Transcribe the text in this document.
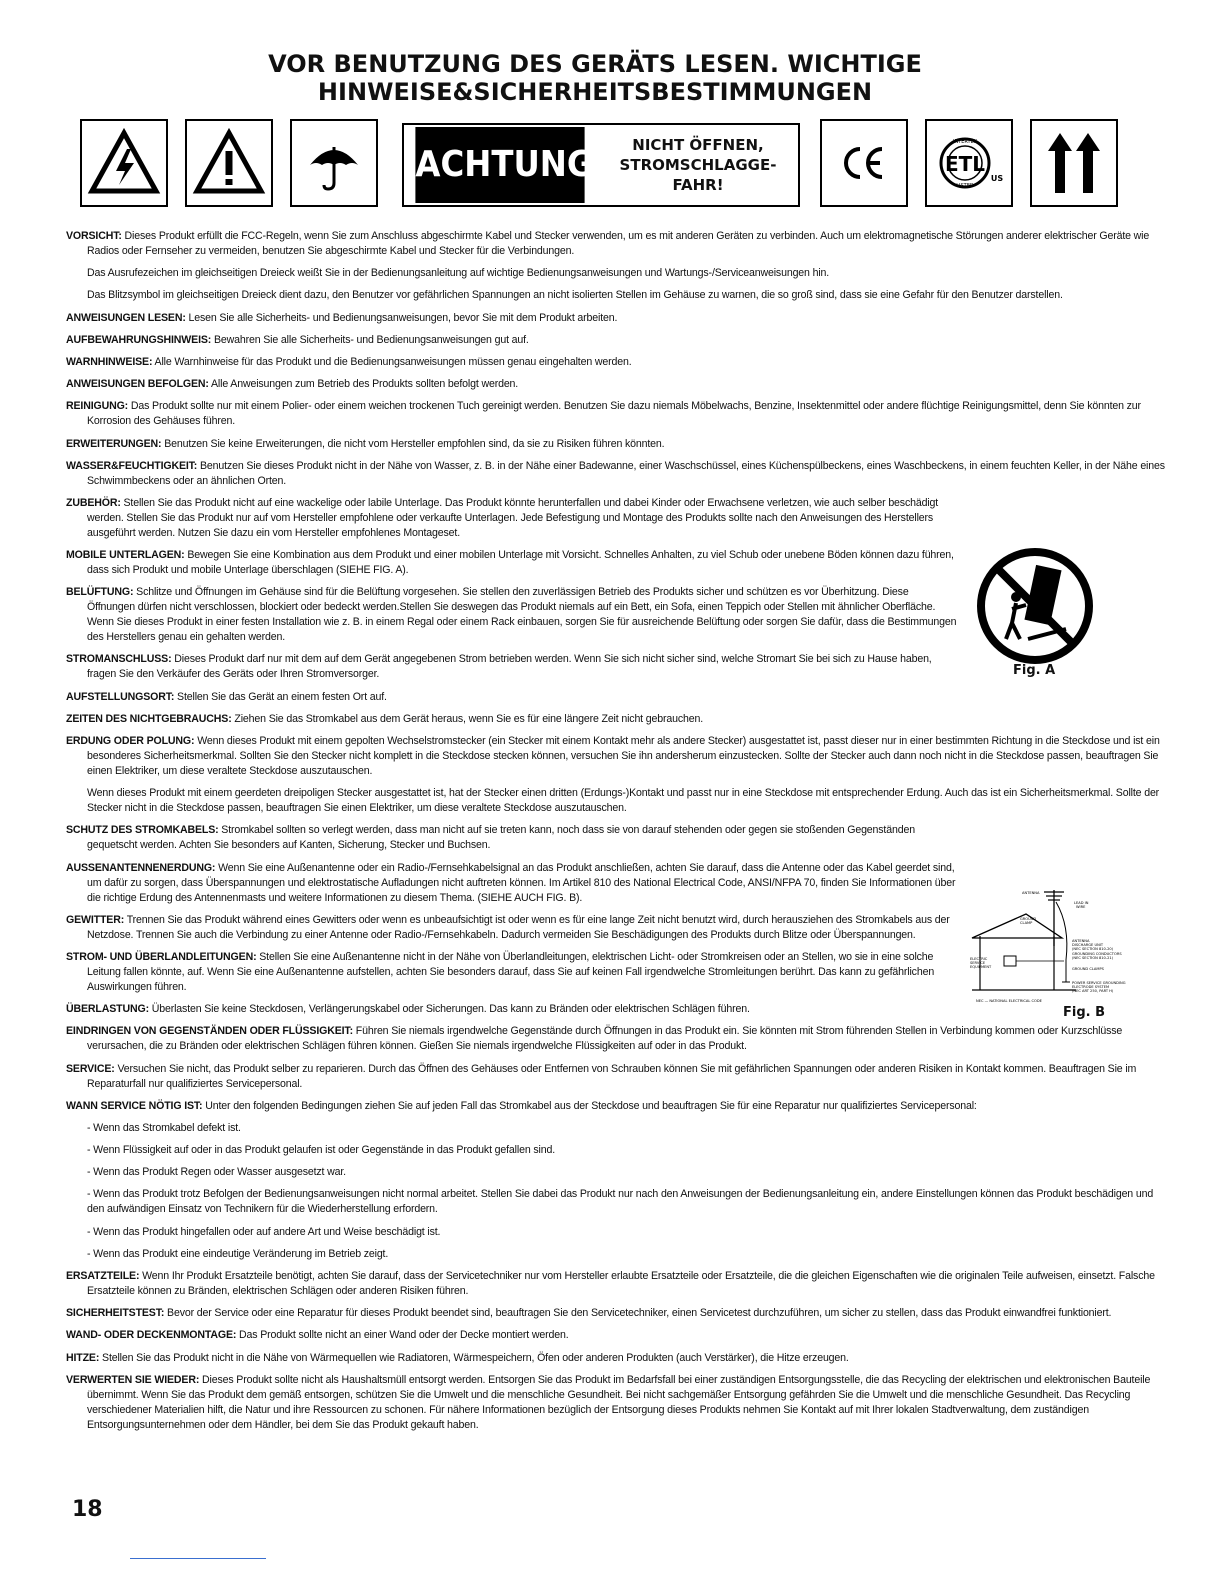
VOR BENUTZUNG DES GERÄTS LESEN. WICHTIGE
HINWEISE&SICHERHEITSBESTIMMUNGEN
ACHTUNG	NICHT ÖFFNEN,
STROMSCHLAGGE-
FAHR!
ETL
INTERTEK
LISTED
US
VORSICHT: Dieses Produkt erfüllt die FCC-Regeln, wenn Sie zum Anschluss abgeschirmte Kabel und Stecker verwenden, um es mit anderen Geräten zu verbinden. Auch um elektromagnetische Störungen anderer elektrischer Geräte wie Radios oder Fernseher zu vermeiden, benutzen Sie abgeschirmte Kabel und Stecker für die Verbindungen.
Das Ausrufezeichen im gleichseitigen Dreieck weißt Sie in der Bedienungsanleitung auf wichtige Bedienungsanweisungen und Wartungs-/Serviceanweisungen hin.
Das Blitzsymbol im gleichseitigen Dreieck dient dazu, den Benutzer vor gefährlichen Spannungen an nicht isolierten Stellen im Gehäuse zu warnen, die so groß sind, dass sie eine Gefahr für den Benutzer darstellen.
ANWEISUNGEN LESEN: Lesen Sie alle Sicherheits- und Bedienungsanweisungen, bevor Sie mit dem Produkt arbeiten.
AUFBEWAHRUNGSHINWEIS: Bewahren Sie alle Sicherheits- und Bedienungsanweisungen gut auf.
WARNHINWEISE: Alle Warnhinweise für das Produkt und die Bedienungsanweisungen müssen genau eingehalten werden.
ANWEISUNGEN BEFOLGEN: Alle Anweisungen zum Betrieb des Produkts sollten befolgt werden.
REINIGUNG: Das Produkt sollte nur mit einem Polier- oder einem weichen trockenen Tuch gereinigt werden. Benutzen Sie dazu niemals Möbelwachs, Benzine, Insektenmittel oder andere flüchtige Reinigungsmittel, denn Sie könnten zur Korrosion des Gehäuses führen.
ERWEITERUNGEN: Benutzen Sie keine Erweiterungen, die nicht vom Hersteller empfohlen sind, da sie zu Risiken führen könnten.
WASSER&FEUCHTIGKEIT: Benutzen Sie dieses Produkt nicht in der Nähe von Wasser, z. B. in der Nähe einer Badewanne, einer Waschschüssel, eines Küchenspülbeckens, eines Waschbeckens, in einem feuchten Keller, in der Nähe eines Schwimmbeckens oder an ähnlichen Orten.
ZUBEHÖR: Stellen Sie das Produkt nicht auf eine wackelige oder labile Unterlage. Das Produkt könnte herunterfallen und dabei Kinder oder Erwachsene verletzen, wie auch selber beschädigt werden. Stellen Sie das Produkt nur auf vom Hersteller empfohlene oder verkaufte Unterlagen. Jede Befestigung und Montage des Produkts sollte nach den Anweisungen des Herstellers ausgeführt werden. Nutzen Sie dazu ein vom Hersteller empfohlenes Montageset.
MOBILE UNTERLAGEN: Bewegen Sie eine Kombination aus dem Produkt und einer mobilen Unterlage mit Vorsicht. Schnelles Anhalten, zu viel Schub oder unebene Böden können dazu führen, dass sich Produkt und mobile Unterlage überschlagen (SIEHE FIG. A).
BELÜFTUNG: Schlitze und Öffnungen im Gehäuse sind für die Belüftung vorgesehen. Sie stellen den zuverlässigen Betrieb des Produkts sicher und schützen es vor Überhitzung. Diese Öffnungen dürfen nicht verschlossen, blockiert oder bedeckt werden.Stellen Sie deswegen das Produkt niemals auf ein Bett, ein Sofa, einen Teppich oder Stellen mit ähnlicher Oberfläche. Wenn Sie dieses Produkt in einer festen Installation wie z. B. in einem Regal oder einem Rack einbauen, sorgen Sie für ausreichende Belüftung oder sorgen Sie dafür, dass die Bestimmungen des Herstellers genau ein gehalten werden.
STROMANSCHLUSS: Dieses Produkt darf nur mit dem auf dem Gerät angegebenen Strom betrieben werden. Wenn Sie sich nicht sicher sind, welche Stromart Sie bei sich zu Hause haben, fragen Sie den Verkäufer des Geräts oder Ihren Stromversorger.
AUFSTELLUNGSORT: Stellen Sie das Gerät an einem festen Ort auf.
ZEITEN DES NICHTGEBRAUCHS: Ziehen Sie das Stromkabel aus dem Gerät heraus, wenn Sie es für eine längere Zeit nicht gebrauchen.
ERDUNG ODER POLUNG: Wenn dieses Produkt mit einem gepolten Wechselstromstecker (ein Stecker mit einem Kontakt mehr als andere Stecker) ausgestattet ist, passt dieser nur in einer bestimmten Richtung in die Steckdose und ist ein besonderes Sicherheitsmerkmal. Sollten Sie den Stecker nicht komplett in die Steckdose stecken können, versuchen Sie ihn andersherum einzustecken. Sollte der Stecker auch dann noch nicht in die Steckdose passen, beauftragen Sie einen Elektriker, um diese veraltete Steckdose auszutauschen.
Wenn dieses Produkt mit einem geerdeten dreipoligen Stecker ausgestattet ist, hat der Stecker einen dritten (Erdungs-)Kontakt und passt nur in eine Steckdose mit entsprechender Erdung. Auch das ist ein Sicherheitsmerkmal. Sollte der Stecker nicht in die Steckdose passen, beauftragen Sie einen Elektriker, um diese veraltete Steckdose auszutauschen.
SCHUTZ DES STROMKABELS: Stromkabel sollten so verlegt werden, dass man nicht auf sie treten kann, noch dass sie von darauf stehenden oder gegen sie stoßenden Gegenständen gequetscht werden. Achten Sie besonders auf Kanten, Sicherung, Stecker und Buchsen.
AUSSENANTENNENERDUNG: Wenn Sie eine Außenantenne oder ein Radio-/Fernsehkabelsignal an das Produkt anschließen, achten Sie darauf, dass die Antenne oder das Kabel geerdet sind, um dafür zu sorgen, dass Überspannungen und elektrostatische Aufladungen nicht auftreten können. Im Artikel 810 des National Electrical Code, ANSI/NFPA 70, finden Sie Informationen über die richtige Erdung des Antennenmasts und weitere Informationen zu diesem Thema. (SIEHE AUCH FIG. B).
GEWITTER: Trennen Sie das Produkt während eines Gewitters oder wenn es unbeaufsichtigt ist oder wenn es für eine lange Zeit nicht benutzt wird, durch herausziehen des Stromkabels aus der Netzdose. Trennen Sie auch die Verbindung zu einer Antenne oder Radio-/Fernsehkabeln. Dadurch vermeiden Sie Beschädigungen des Produkts durch Blitze oder Überspannungen.
STROM- UND ÜBERLANDLEITUNGEN: Stellen Sie eine Außenantenne nicht in der Nähe von Überlandleitungen, elektrischen Licht- oder Stromkreisen oder an Stellen, wo sie in eine solche Leitung fallen könnte, auf. Wenn Sie eine Außenantenne aufstellen, achten Sie besonders darauf, dass Sie auf keinen Fall irgendwelche Stromleitungen berührt. Das kann zu gefährlichen Auswirkungen führen.
ÜBERLASTUNG: Überlasten Sie keine Steckdosen, Verlängerungskabel oder Sicherungen. Das kann zu Bränden oder elektrischen Schlägen führen.
EINDRINGEN VON GEGENSTÄNDEN ODER FLÜSSIGKEIT: Führen Sie niemals irgendwelche Gegenstände durch Öffnungen in das Produkt ein. Sie könnten mit Strom führenden Stellen in Verbindung kommen oder Kurzschlüsse verursachen, die zu Bränden oder elektrischen Schlägen führen können. Gießen Sie niemals irgendwelche Flüssigkeiten auf oder in das Produkt.
SERVICE: Versuchen Sie nicht, das Produkt selber zu reparieren. Durch das Öffnen des Gehäuses oder Entfernen von Schrauben können Sie mit gefährlichen Spannungen oder anderen Risiken in Kontakt kommen. Beauftragen Sie im Reparaturfall nur qualifiziertes Servicepersonal.
WANN SERVICE NÖTIG IST: Unter den folgenden Bedingungen ziehen Sie auf jeden Fall das Stromkabel aus der Steckdose und beauftragen Sie für eine Reparatur nur qualifiziertes Servicepersonal:
- Wenn das Stromkabel defekt ist.
- Wenn Flüssigkeit auf oder in das Produkt gelaufen ist oder Gegenstände in das Produkt gefallen sind.
- Wenn das Produkt Regen oder Wasser ausgesetzt war.
- Wenn das Produkt trotz Befolgen der Bedienungsanweisungen nicht normal arbeitet. Stellen Sie dabei das Produkt nur nach den Anweisungen der Bedienungsanleitung ein, andere Einstellungen können das Produkt beschädigen und den aufwändigen Einsatz von Technikern für die Wiederherstellung erfordern.
- Wenn das Produkt hingefallen oder auf andere Art und Weise beschädigt ist.
- Wenn das Produkt eine eindeutige Veränderung im Betrieb zeigt.
ERSATZTEILE: Wenn Ihr Produkt Ersatzteile benötigt, achten Sie darauf, dass der Servicetechniker nur vom Hersteller erlaubte Ersatzteile oder Ersatzteile, die die gleichen Eigenschaften wie die originalen Teile aufweisen, einsetzt. Falsche Ersatzteile können zu Bränden, elektrischen Schlägen oder anderen Risiken führen.
SICHERHEITSTEST: Bevor der Service oder eine Reparatur für dieses Produkt beendet sind, beauftragen Sie den Servicetechniker, einen Servicetest durchzuführen, um sicher zu stellen, dass das Produkt einwandfrei funktioniert.
WAND- ODER DECKENMONTAGE: Das Produkt sollte nicht an einer Wand oder der Decke montiert werden.
HITZE: Stellen Sie das Produkt nicht in die Nähe von Wärmequellen wie Radiatoren, Wärmespeichern, Öfen oder anderen Produkten (auch Verstärker), die Hitze erzeugen.
VERWERTEN SIE WIEDER: Dieses Produkt sollte nicht als Haushaltsmüll entsorgt werden. Entsorgen Sie das Produkt im Bedarfsfall bei einer zuständigen Entsorgungsstelle, die das Recycling der elektrischen und elektronischen Bauteile übernimmt. Wenn Sie das Produkt dem gemäß entsorgen, schützen Sie die Umwelt und die menschliche Gesundheit. Bei nicht sachgemäßer Entsorgung gefährden Sie die Umwelt und die menschliche Gesundheit. Das Recycling verschiedener Materialien hilft, die Natur und ihre Ressourcen zu schonen. Für nähere Informationen bezüglich der Entsorgung dieses Produkts nehmen Sie Kontakt auf mit Ihrer lokalen Stadtverwaltung, dem zuständigen Entsorgungsunternehmen oder dem Händler, bei dem Sie das Produkt gekauft haben.
Fig. A
ANTENNA
LEAD IN
WIRE
GROUND
CLAMP
ANTENNA
DISCHARGE UNIT
(NEC SECTION 810-20)
GROUNDING CONDUCTORS
(NEC SECTION 810-21)
ELECTRIC
SERVICE
EQUIPMENT	GROUND CLAMPS
POWER SERVICE GROUNDING
ELECTRODE SYSTEM
(NEC ART 250, PART H)
NEC — NATIONAL ELECTRICAL CODE
Fig. B
18
